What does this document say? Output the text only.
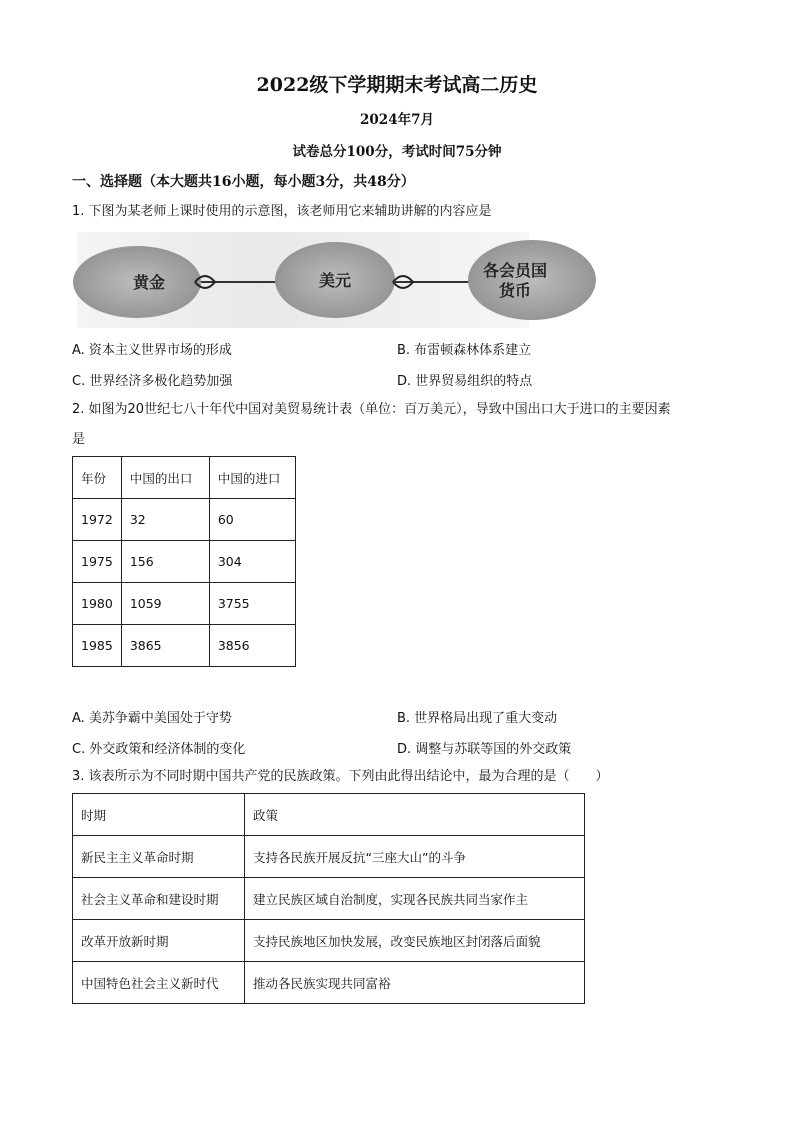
2022级下学期期末考试高二历史
2024年7月
试卷总分100分，考试时间75分钟
一、选择题（本大题共16小题，每小题3分，共48分）
1. 下图为某老师上课时使用的示意图，该老师用它来辅助讲解的内容应是
黄金	美元
各会员国
货币
A. 资本主义世界市场的形成	B. 布雷顿森林体系建立
C. 世界经济多极化趋势加强	D. 世界贸易组织的特点
2. 如图为20世纪七八十年代中国对美贸易统计表（单位：百万美元），导致中国出口大于进口的主要因素
是
年份	中国的出口	中国的进口
1972	32	60
1975	156	304
1980	1059	3755
1985	3865	3856
A. 美苏争霸中美国处于守势	B. 世界格局出现了重大变动
C. 外交政策和经济体制的变化	D. 调整与苏联等国的外交政策
3. 该表所示为不同时期中国共产党的民族政策。下列由此得出结论中，最为合理的是（　　）
时期	政策
新民主主义革命时期	支持各民族开展反抗“三座大山”的斗争
社会主义革命和建设时期	建立民族区域自治制度，实现各民族共同当家作主
改革开放新时期	支持民族地区加快发展，改变民族地区封闭落后面貌
中国特色社会主义新时代	推动各民族实现共同富裕
